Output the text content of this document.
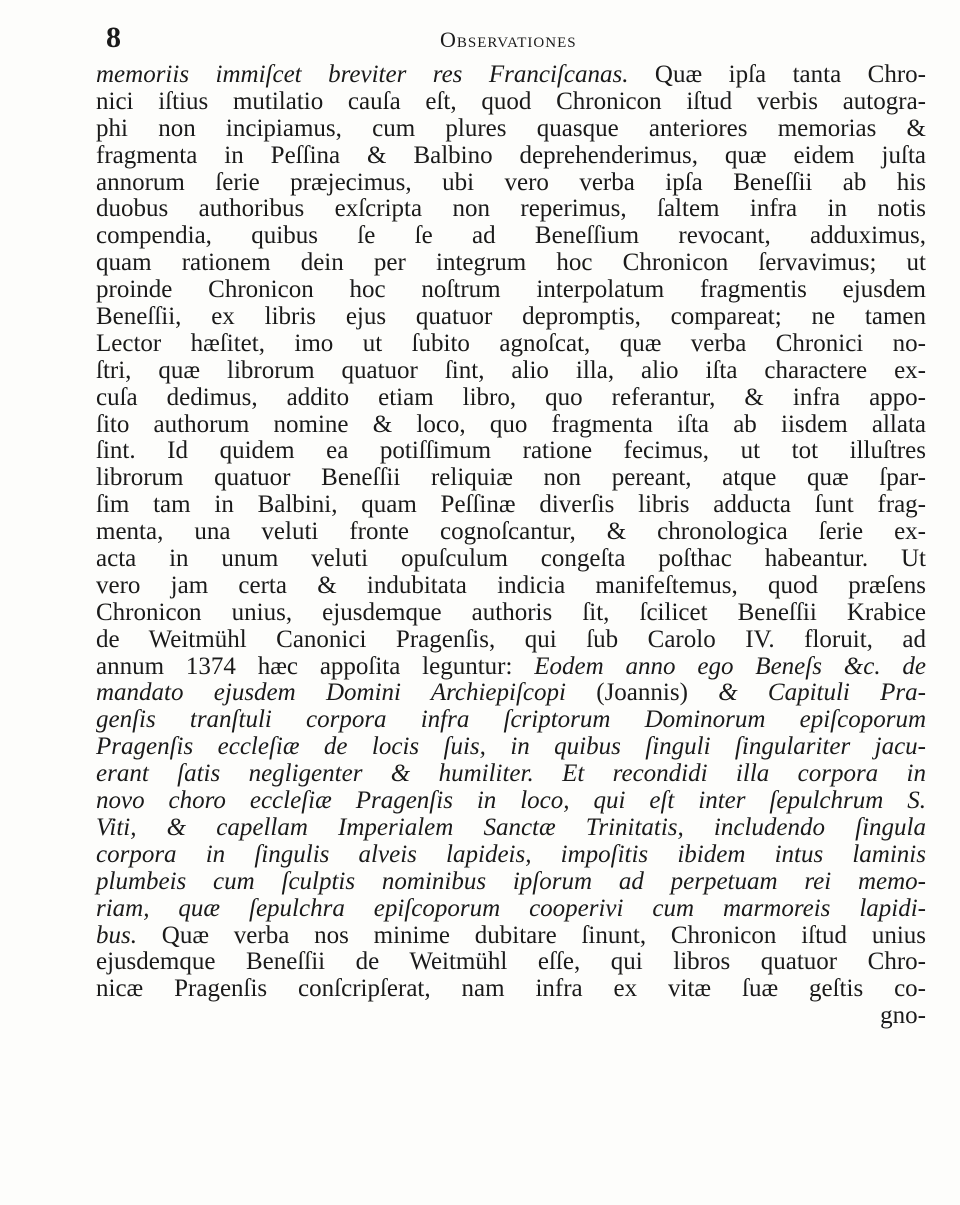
8	Observationes
memoriis immiſcet breviter res Franciſcanas. Quæ ipſa tanta Chro-
nici iſtius mutilatio cauſa eſt, quod Chronicon iſtud verbis autogra-
phi non incipiamus, cum plures quasque anteriores memorias &
fragmenta in Peſſina & Balbino deprehenderimus, quæ eidem juſta
annorum ſerie præjecimus, ubi vero verba ipſa Beneſſii ab his
duobus authoribus exſcripta non reperimus, ſaltem infra in notis
compendia, quibus ſe ſe ad Beneſſium revocant, adduximus,
quam rationem dein per integrum hoc Chronicon ſervavimus; ut
proinde Chronicon hoc noſtrum interpolatum fragmentis ejusdem
Beneſſii, ex libris ejus quatuor depromptis, compareat; ne tamen
Lector hæſitet, imo ut ſubito agnoſcat, quæ verba Chronici no-
ſtri, quæ librorum quatuor ſint, alio illa, alio iſta charactere ex-
cuſa dedimus, addito etiam libro, quo referantur, & infra appo-
ſito authorum nomine & loco, quo fragmenta iſta ab iisdem allata
ſint. Id quidem ea potiſſimum ratione fecimus, ut tot illuſtres
librorum quatuor Beneſſii reliquiæ non pereant, atque quæ ſpar-
ſim tam in Balbini, quam Peſſinæ diverſis libris adducta ſunt frag-
menta, una veluti fronte cognoſcantur, & chronologica ſerie ex-
acta in unum veluti opuſculum congeſta poſthac habeantur. Ut
vero jam certa & indubitata indicia manifeſtemus, quod præſens
Chronicon unius, ejusdemque authoris ſit, ſcilicet Beneſſii Krabice
de Weitmühl Canonici Pragenſis, qui ſub Carolo IV. floruit, ad
annum 1374 hæc appoſita leguntur: Eodem anno ego Beneſs &c. de
mandato ejusdem Domini Archiepiſcopi (Joannis) & Capituli Pra-
genſis tranſtuli corpora infra ſcriptorum Dominorum epiſcoporum
Pragenſis eccleſiæ de locis ſuis, in quibus ſinguli ſingulariter jacu-
erant ſatis negligenter & humiliter. Et recondidi illa corpora in
novo choro eccleſiæ Pragenſis in loco, qui eſt inter ſepulchrum S.
Viti, & capellam Imperialem Sanctæ Trinitatis, includendo ſingula
corpora in ſingulis alveis lapideis, impoſitis ibidem intus laminis
plumbeis cum ſculptis nominibus ipſorum ad perpetuam rei memo-
riam, quæ ſepulchra epiſcoporum cooperivi cum marmoreis lapidi-
bus. Quæ verba nos minime dubitare ſinunt, Chronicon iſtud unius
ejusdemque Beneſſii de Weitmühl eſſe, qui libros quatuor Chro-
nicæ Pragenſis conſcripſerat, nam infra ex vitæ ſuæ geſtis co-
gno-
